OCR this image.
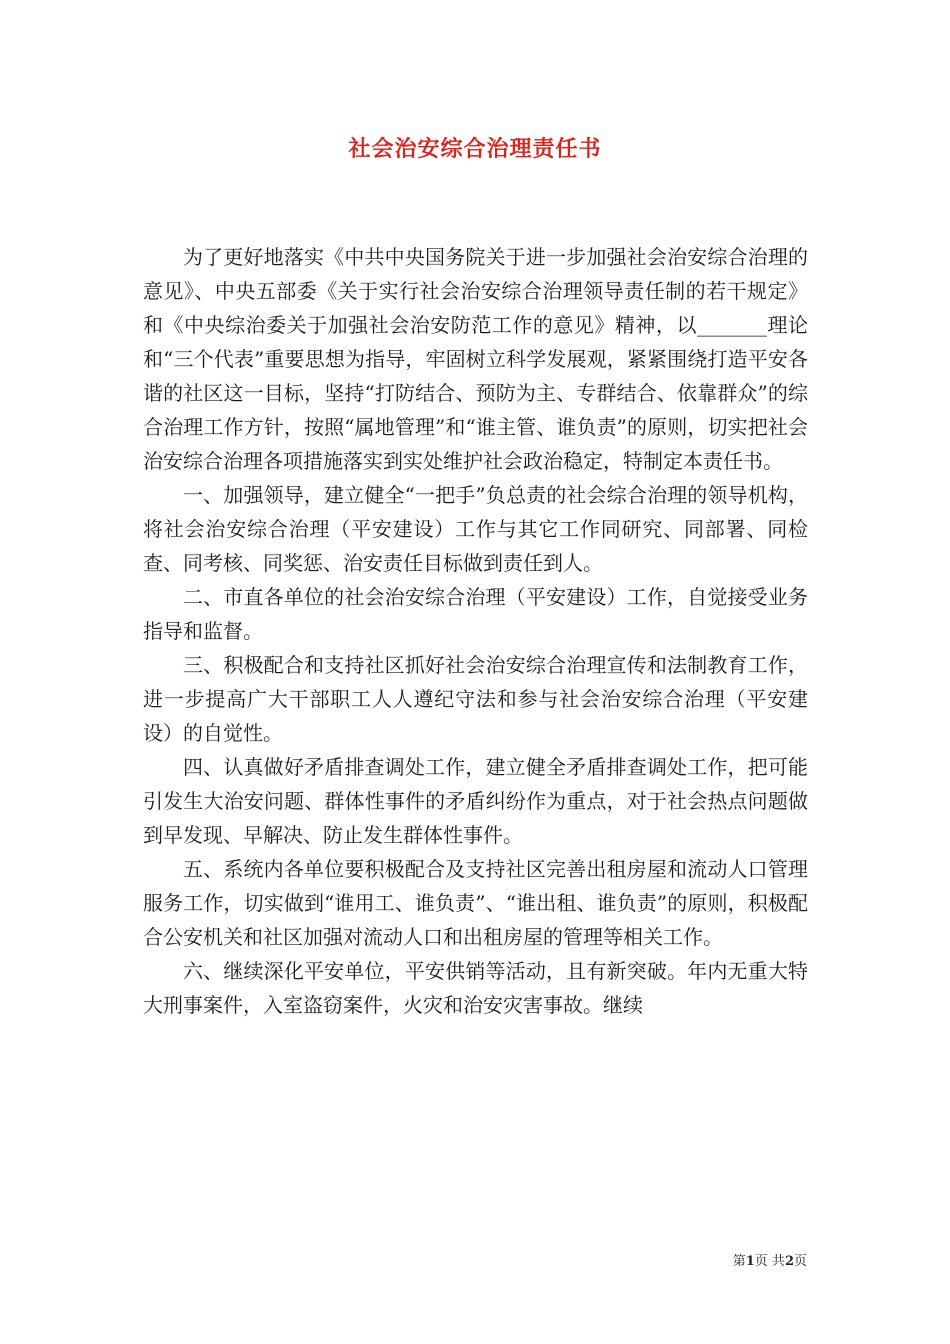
社会治安综合治理责任书

为了更好地落实《中共中央国务院关于进一步加强社会治安综合治理的意见》、中央五部委《关于实行社会治安综合治理领导责任制的若干规定》和《中央综治委关于加强社会治安防范工作的意见》精神，以_______理论和“三个代表”重要思想为指导，牢固树立科学发展观，紧紧围绕打造平安各谐的社区这一目标，坚持“打防结合、预防为主、专群结合、依靠群众”的综合治理工作方针，按照“属地管理”和“谁主管、谁负责”的原则，切实把社会治安综合治理各项措施落实到实处维护社会政治稳定，特制定本责任书。

一、加强领导，建立健全“一把手”负总责的社会综合治理的领导机构，将社会治安综合治理（平安建设）工作与其它工作同研究、同部署、同检查、同考核、同奖惩、治安责任目标做到责任到人。

二、市直各单位的社会治安综合治理（平安建设）工作，自觉接受业务指导和监督。

三、积极配合和支持社区抓好社会治安综合治理宣传和法制教育工作，进一步提高广大干部职工人人遵纪守法和参与社会治安综合治理（平安建设）的自觉性。

四、认真做好矛盾排查调处工作，建立健全矛盾排查调处工作，把可能引发生大治安问题、群体性事件的矛盾纠纷作为重点，对于社会热点问题做到早发现、早解决、防止发生群体性事件。

五、系统内各单位要积极配合及支持社区完善出租房屋和流动人口管理服务工作，切实做到“谁用工、谁负责”、“谁出租、谁负责”的原则，积极配合公安机关和社区加强对流动人口和出租房屋的管理等相关工作。

六、继续深化平安单位，平安供销等活动，且有新突破。年内无重大特大刑事案件，入室盗窃案件，火灾和治安灾害事故。继续

第1页 共2页
